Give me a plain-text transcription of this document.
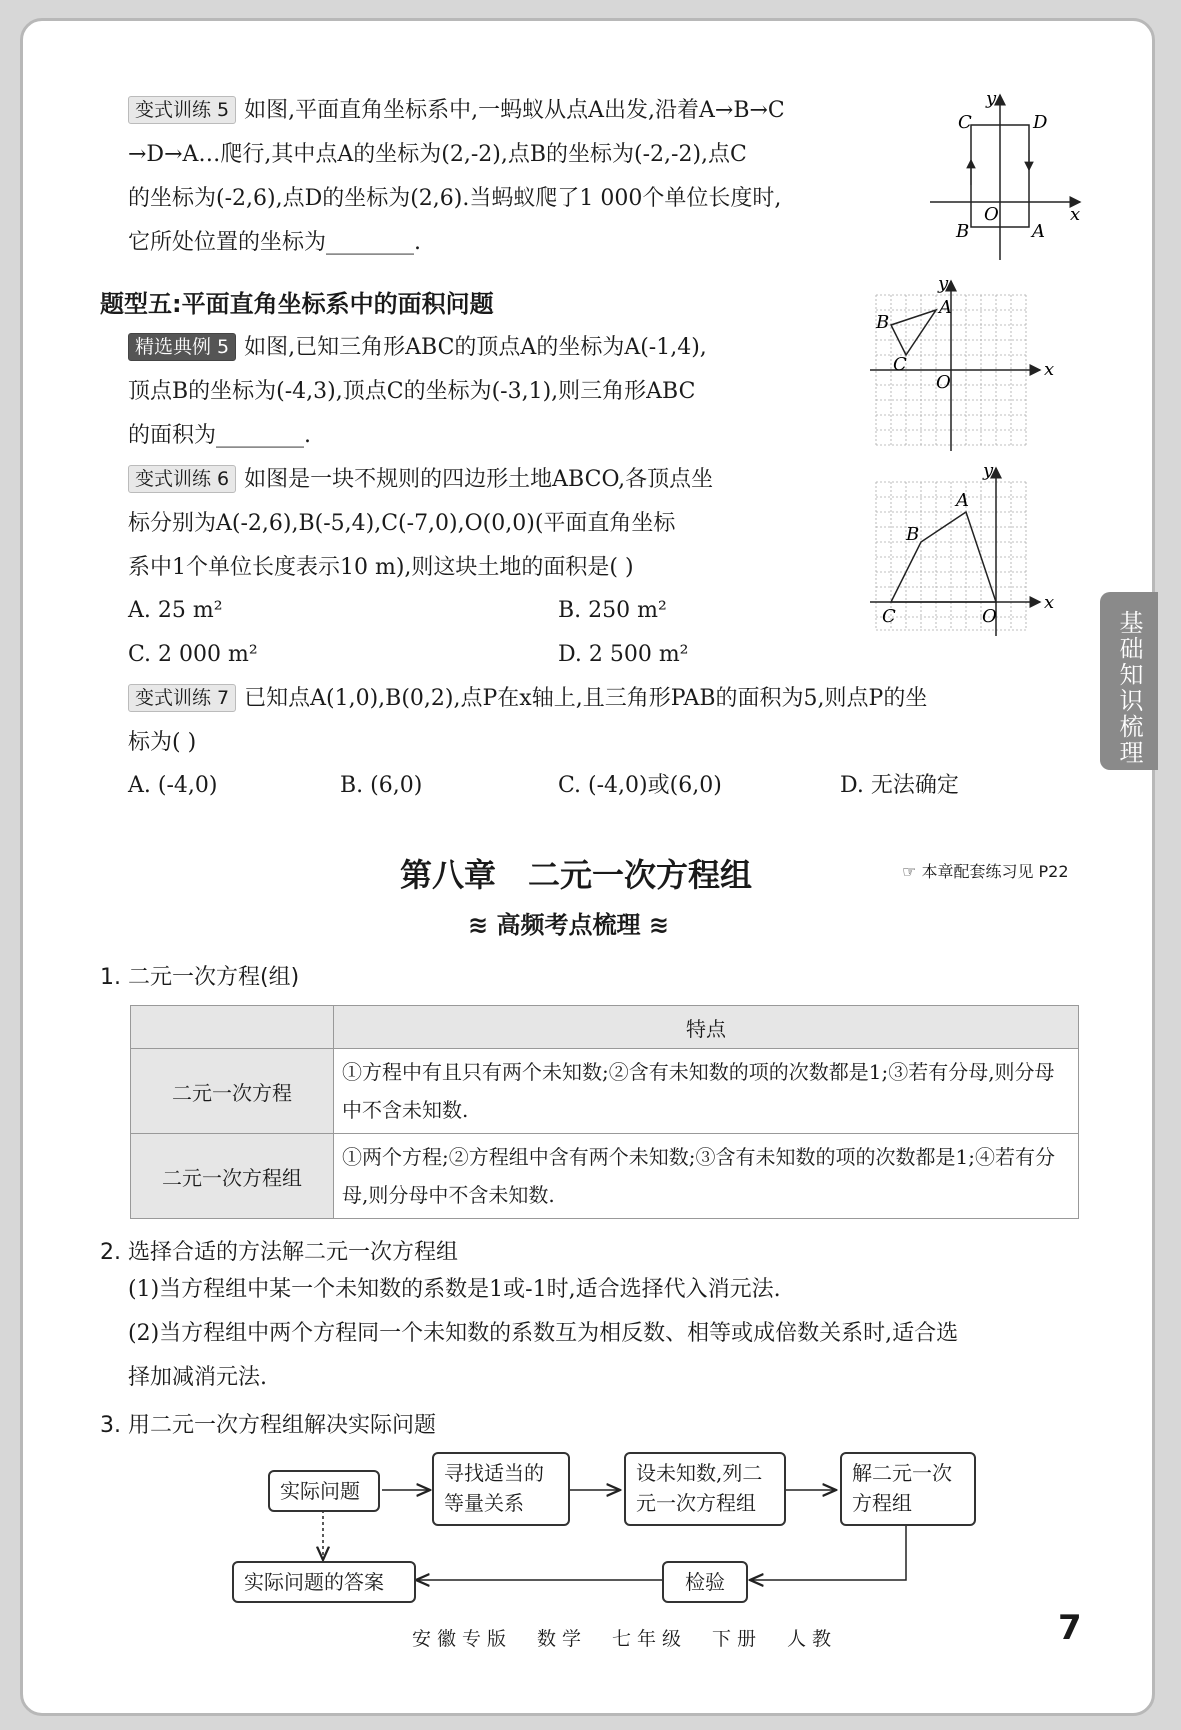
基础知识梳理
变式训练 5 如图,平面直角坐标系中,一蚂蚁从点A出发,沿着A→B→C
→D→A…爬行,其中点A的坐标为(2,-2),点B的坐标为(-2,-2),点C
的坐标为(-2,6),点D的坐标为(2,6).当蚂蚁爬了1 000个单位长度时,
它所处位置的坐标为________.
C	D
O
B	A
x
y
题型五:平面直角坐标系中的面积问题
精选典例 5 如图,已知三角形ABC的顶点A的坐标为A(-1,4),
顶点B的坐标为(-4,3),顶点C的坐标为(-3,1),则三角形ABC
的面积为________.
A
B
C
O
x
y
变式训练 6 如图是一块不规则的四边形土地ABCO,各顶点坐
标分别为A(-2,6),B(-5,4),C(-7,0),O(0,0)(平面直角坐标
系中1个单位长度表示10 m),则这块土地的面积是( )
A. 25 m²	B. 250 m²
C. 2 000 m²	D. 2 500 m²
A
B
C	O
x
y
变式训练 7 已知点A(1,0),B(0,2),点P在x轴上,且三角形PAB的面积为5,则点P的坐
标为( )
A. (-4,0)	B. (6,0)	C. (-4,0)或(6,0)	D. 无法确定
第八章　二元一次方程组	☞ 本章配套练习见 P22
≋ 高频考点梳理 ≋
1. 二元一次方程(组)
	特点
二元一次方程	①方程中有且只有两个未知数;②含有未知数的项的次数都是1;③若有分母,则分母中不含未知数.
二元一次方程组	①两个方程;②方程组中含有两个未知数;③含有未知数的项的次数都是1;④若有分母,则分母中不含未知数.
2. 选择合适的方法解二元一次方程组
(1)当方程组中某一个未知数的系数是1或-1时,适合选择代入消元法.
(2)当方程组中两个方程同一个未知数的系数互为相反数、相等或成倍数关系时,适合选
择加减消元法.
3. 用二元一次方程组解决实际问题
实际问题
寻找适当的等量关系
设未知数,列二元一次方程组
解二元一次方程组
检验
实际问题的答案
安徽专版　数学　七年级　下册　人教	7
